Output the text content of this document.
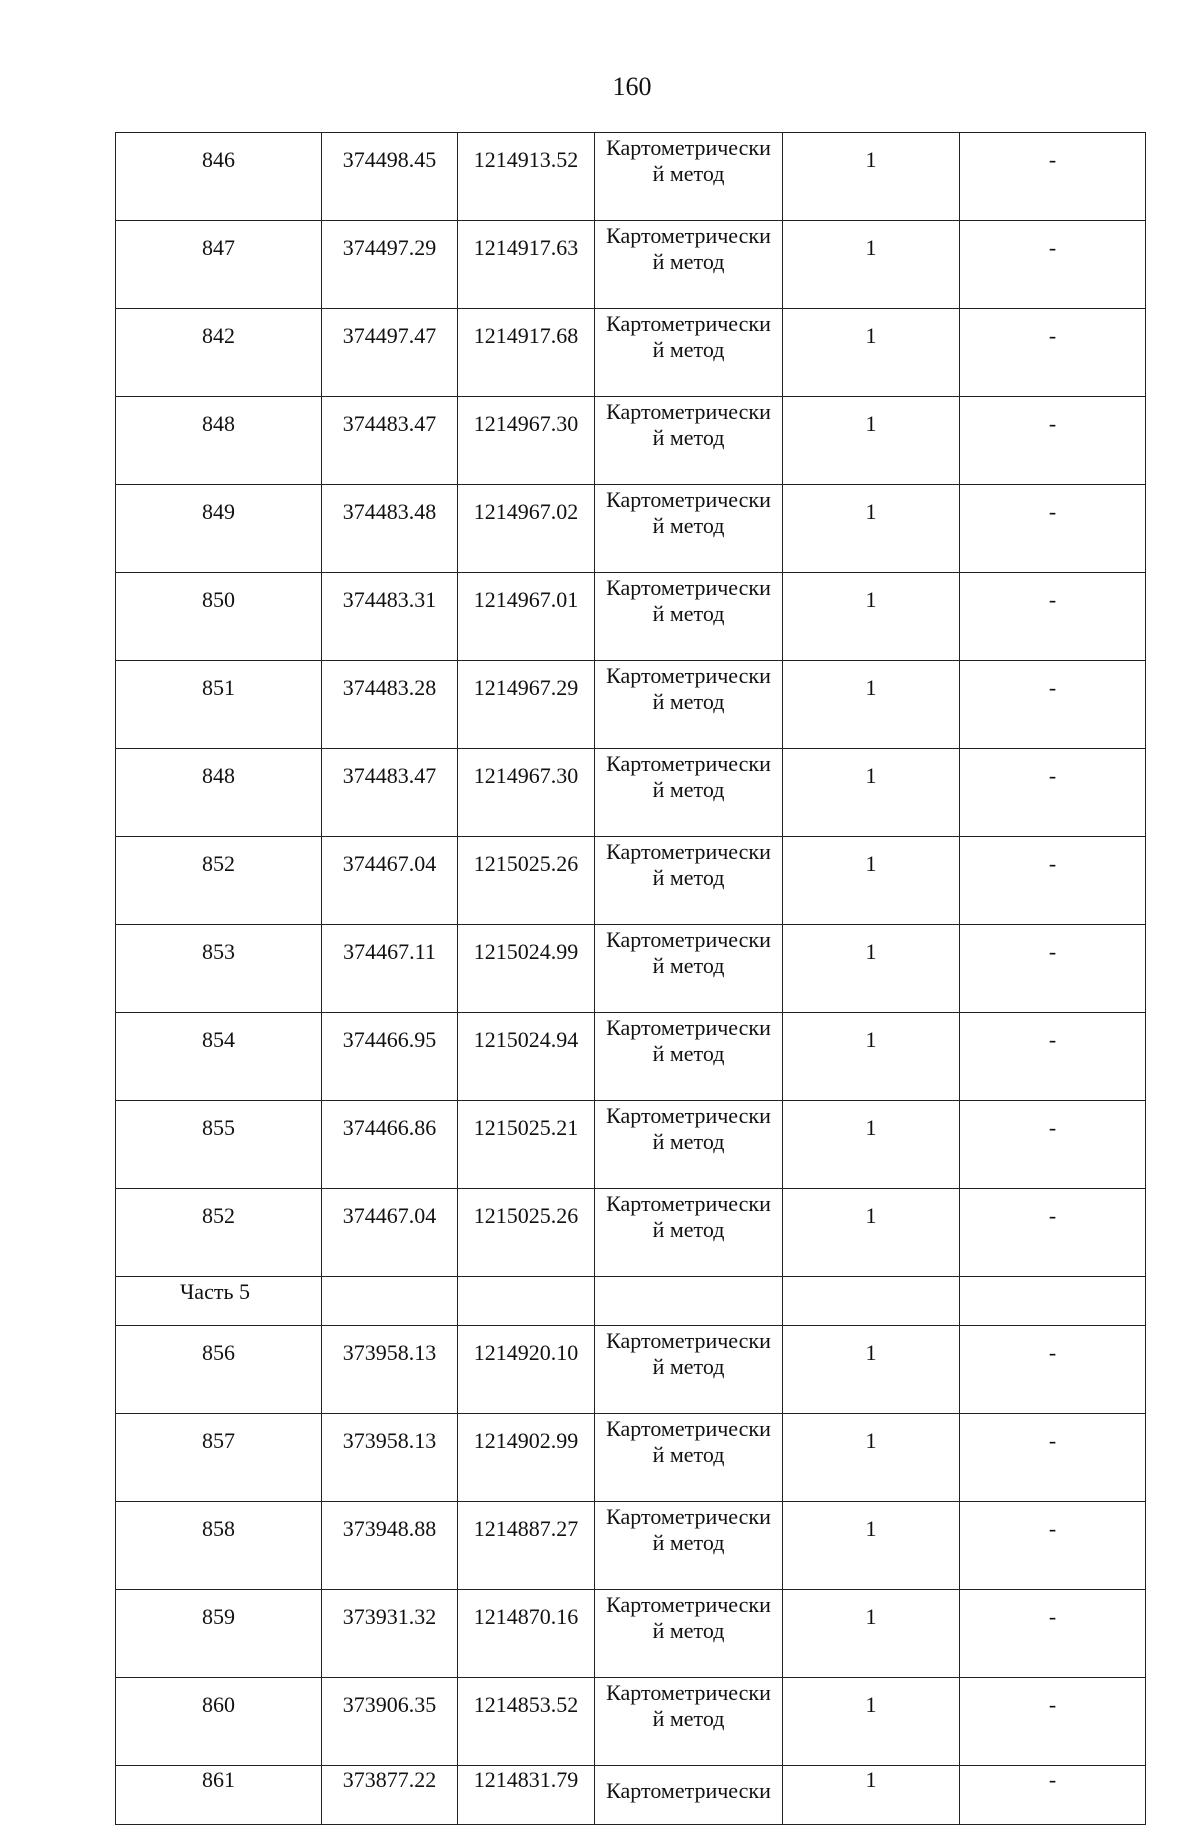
160
846	374498.45	1214913.52	Картометрически
й метод	1	-
847	374497.29	1214917.63	Картометрически
й метод	1	-
842	374497.47	1214917.68	Картометрически
й метод	1	-
848	374483.47	1214967.30	Картометрически
й метод	1	-
849	374483.48	1214967.02	Картометрически
й метод	1	-
850	374483.31	1214967.01	Картометрически
й метод	1	-
851	374483.28	1214967.29	Картометрически
й метод	1	-
848	374483.47	1214967.30	Картометрически
й метод	1	-
852	374467.04	1215025.26	Картометрически
й метод	1	-
853	374467.11	1215024.99	Картометрически
й метод	1	-
854	374466.95	1215024.94	Картометрически
й метод	1	-
855	374466.86	1215025.21	Картометрически
й метод	1	-
852	374467.04	1215025.26	Картометрически
й метод	1	-
Часть 5					
856	373958.13	1214920.10	Картометрически
й метод	1	-
857	373958.13	1214902.99	Картометрически
й метод	1	-
858	373948.88	1214887.27	Картометрически
й метод	1	-
859	373931.32	1214870.16	Картометрически
й метод	1	-
860	373906.35	1214853.52	Картометрически
й метод	1	-
861	373877.22	1214831.79	Картометрически	1	-
